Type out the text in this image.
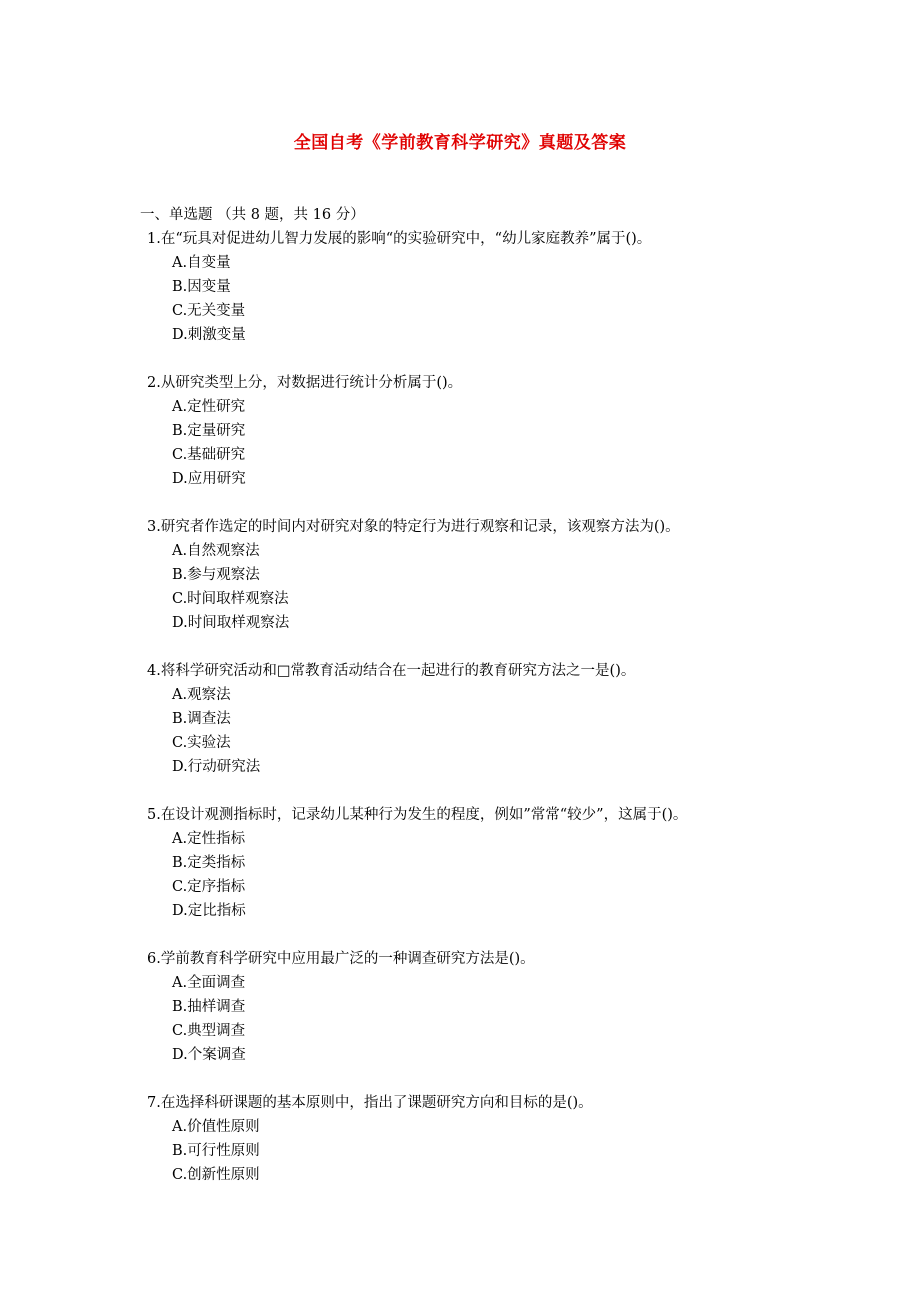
全国自考《学前教育科学研究》真题及答案
一、单选题 （共 8 题，共 16 分）
1.在“玩具对促进幼儿智力发展的影响“的实验研究中，“幼儿家庭教养”属于()。
A.自变量
B.因变量
C.无关变量
D.刺激变量
2.从研究类型上分，对数据进行统计分析属于()。
A.定性研究
B.定量研究
C.基础研究
D.应用研究
3.研究者作选定的时间内对研究对象的特定行为进行观察和记录，该观察方法为()。
A.自然观察法
B.参与观察法
C.时间取样观察法
D.时间取样观察法
4.将科学研究活动和□常教育活动结合在一起进行的教育研究方法之一是()。
A.观察法
B.调查法
C.实验法
D.行动研究法
5.在设计观测指标时，记录幼儿某种行为发生的程度，例如”常常“较少”，这属于()。
A.定性指标
B.定类指标
C.定序指标
D.定比指标
6.学前教育科学研究中应用最广泛的一种调查研究方法是()。
A.全面调查
B.抽样调查
C.典型调查
D.个案调查
7.在选择科研课题的基本原则中，指出了课题研究方向和目标的是()。
A.价值性原则
B.可行性原则
C.创新性原则
